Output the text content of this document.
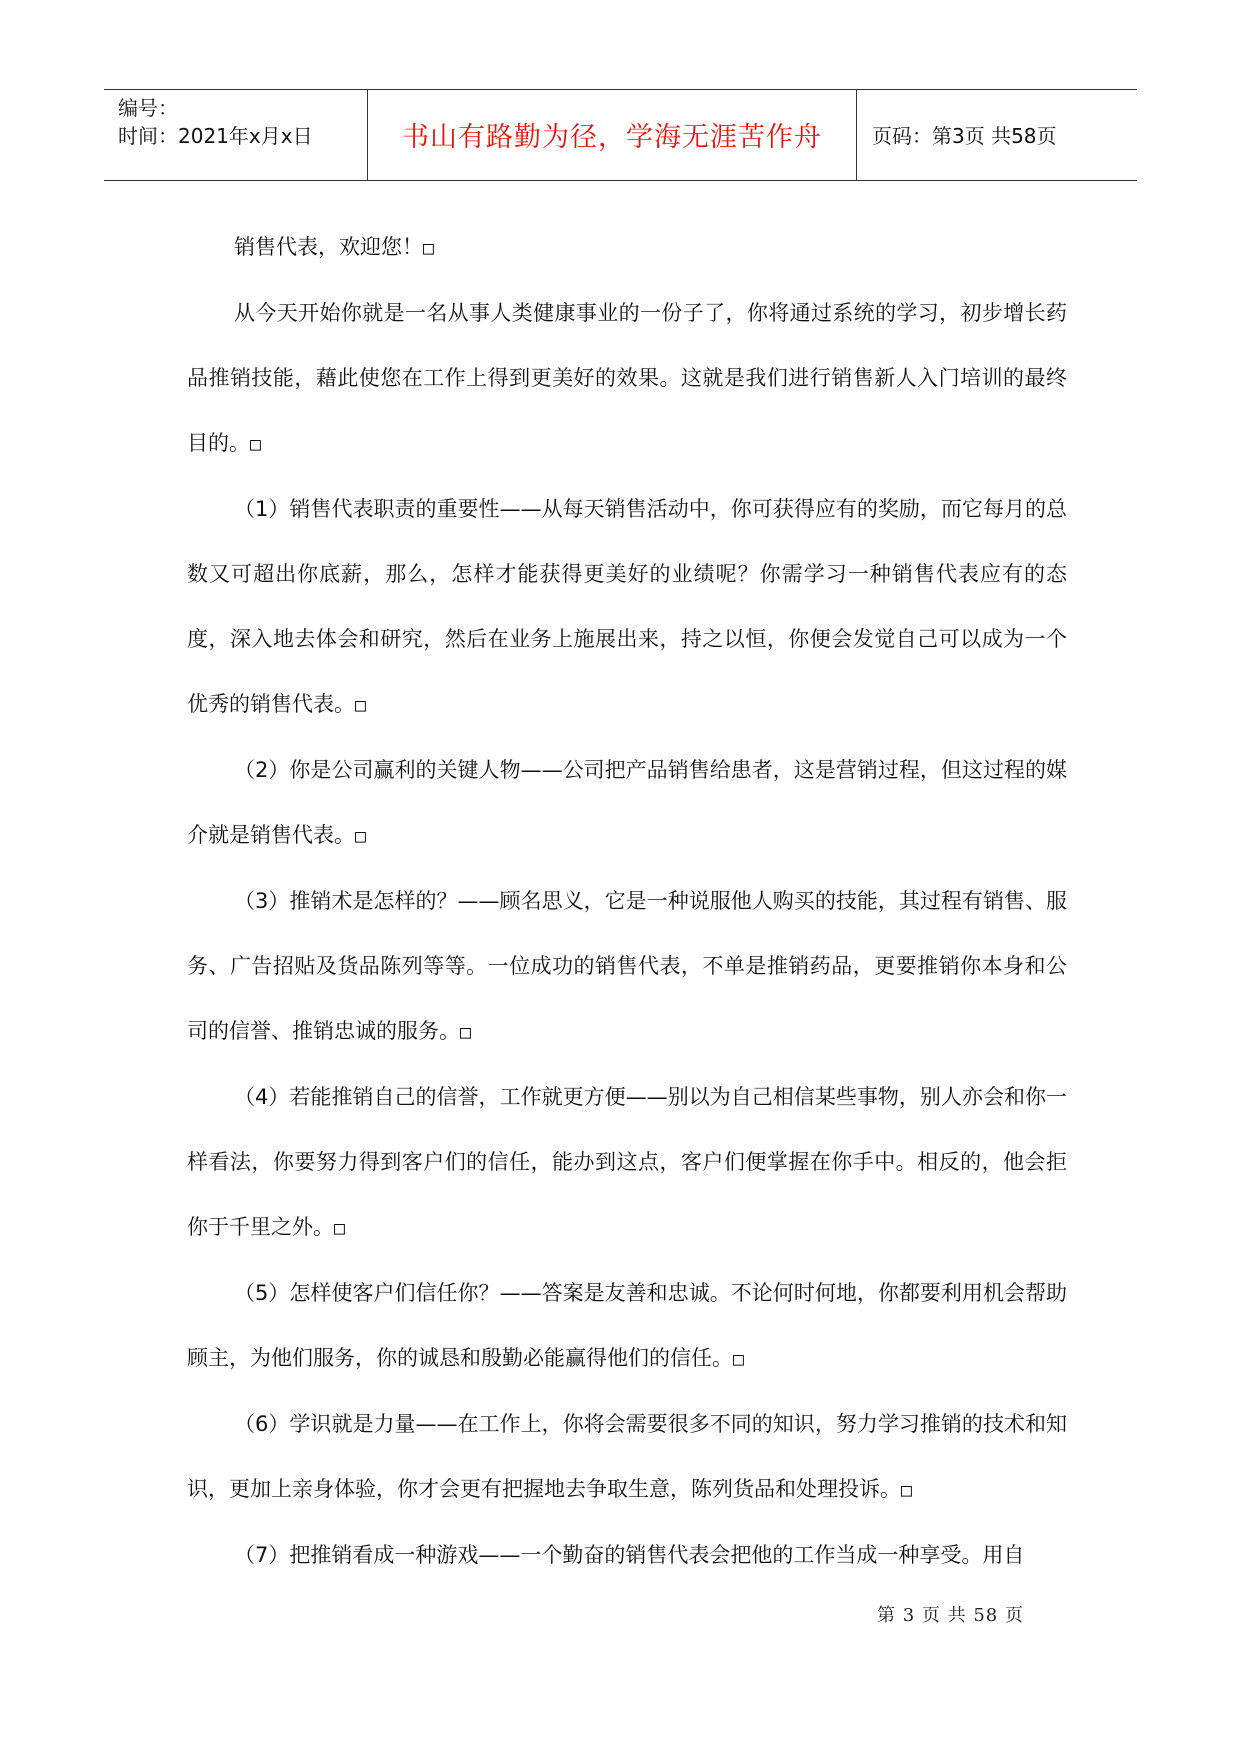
编号：
时间：2021年x月x日	书山有路勤为径，学海无涯苦作舟	页码：第3页 共58页

销售代表，欢迎您！□

从今天开始你就是一名从事人类健康事业的一份子了，你将通过系统的学习，初步增长药品推销技能，藉此使您在工作上得到更美好的效果。这就是我们进行销售新人入门培训的最终目的。□

（1）销售代表职责的重要性——从每天销售活动中，你可获得应有的奖励，而它每月的总数又可超出你底薪，那么，怎样才能获得更美好的业绩呢？你需学习一种销售代表应有的态度，深入地去体会和研究，然后在业务上施展出来，持之以恒，你便会发觉自己可以成为一个优秀的销售代表。□

（2）你是公司赢利的关键人物——公司把产品销售给患者，这是营销过程，但这过程的媒介就是销售代表。□

（3）推销术是怎样的？——顾名思义，它是一种说服他人购买的技能，其过程有销售、服务、广告招贴及货品陈列等等。一位成功的销售代表，不单是推销药品，更要推销你本身和公司的信誉、推销忠诚的服务。□

（4）若能推销自己的信誉，工作就更方便——别以为自己相信某些事物，别人亦会和你一样看法，你要努力得到客户们的信任，能办到这点，客户们便掌握在你手中。相反的，他会拒你于千里之外。□

（5）怎样使客户们信任你？——答案是友善和忠诚。不论何时何地，你都要利用机会帮助顾主，为他们服务，你的诚恳和殷勤必能赢得他们的信任。□

（6）学识就是力量——在工作上，你将会需要很多不同的知识，努力学习推销的技术和知识，更加上亲身体验，你才会更有把握地去争取生意，陈列货品和处理投诉。□

（7）把推销看成一种游戏——一个勤奋的销售代表会把他的工作当成一种享受。用自

第 3 页 共 58 页
